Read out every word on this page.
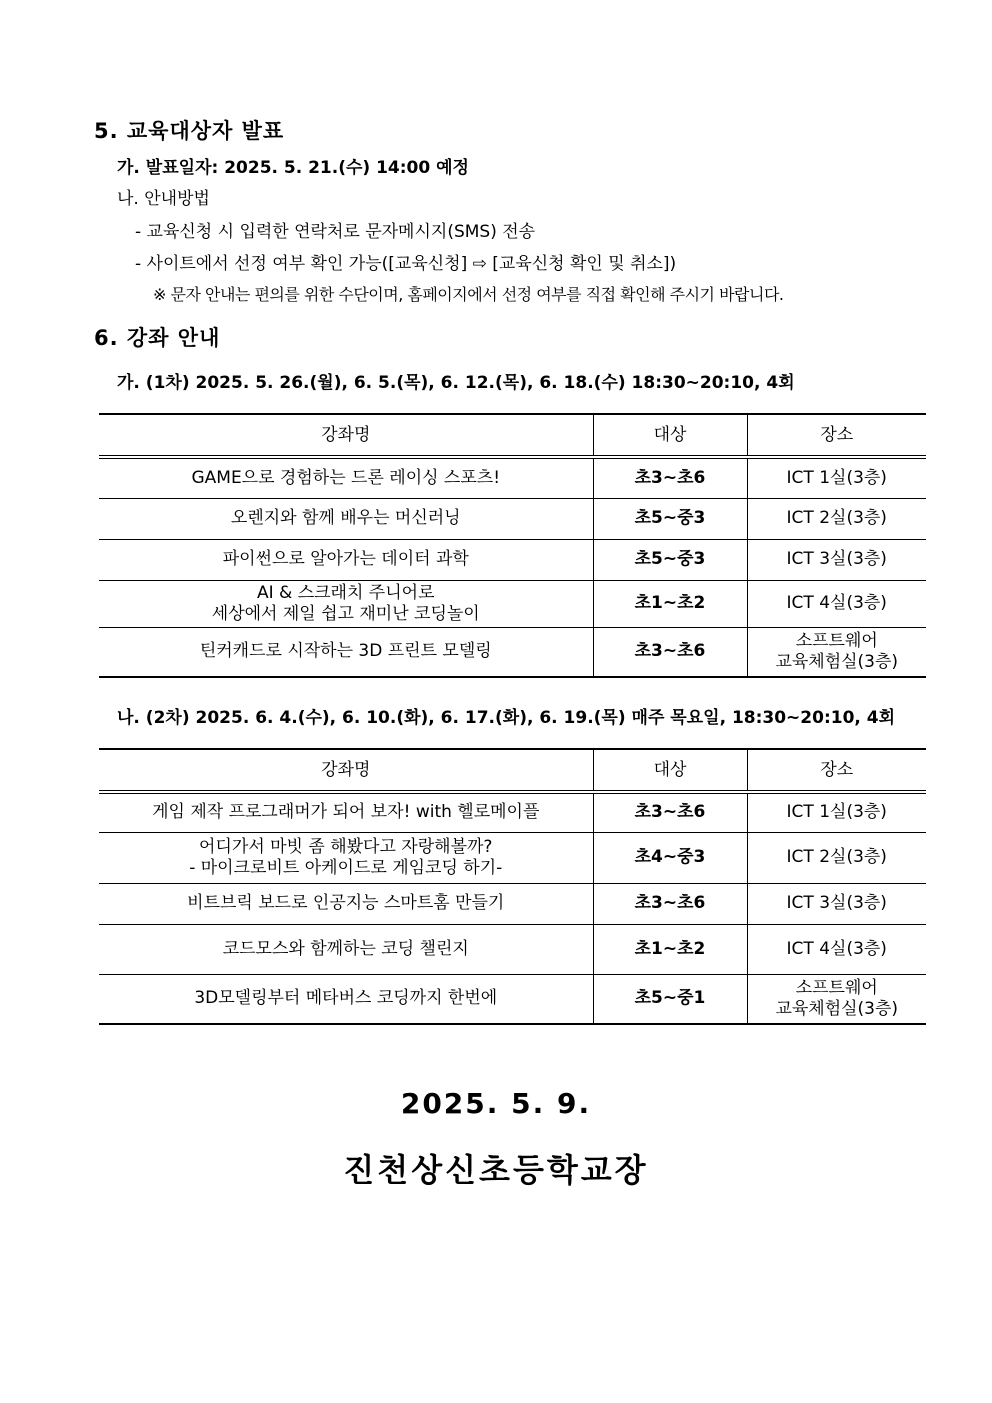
5. 교육대상자 발표
가. 발표일자: 2025. 5. 21.(수) 14:00 예정
나. 안내방법
- 교육신청 시 입력한 연락처로 문자메시지(SMS) 전송
- 사이트에서 선정 여부 확인 가능([교육신청] ⇨ [교육신청 확인 및 취소])
※ 문자 안내는 편의를 위한 수단이며, 홈페이지에서 선정 여부를 직접 확인해 주시기 바랍니다.
6. 강좌 안내
가. (1차) 2025. 5. 26.(월), 6. 5.(목), 6. 12.(목), 6. 18.(수) 18:30~20:10, 4회
강좌명	대상	장소

GAME으로 경험하는 드론 레이싱 스포츠!	초3~초6	ICT 1실(3층)

오렌지와 함께 배우는 머신러닝	초5~중3	ICT 2실(3층)

파이썬으로 알아가는 데이터 과학	초5~중3	ICT 3실(3층)

AI & 스크래치 주니어로
세상에서 제일 쉽고 재미난 코딩놀이	초1~초2	ICT 4실(3층)

틴커캐드로 시작하는 3D 프린트 모델링	초3~초6	소프트웨어
교육체험실(3층)
나. (2차) 2025. 6. 4.(수), 6. 10.(화), 6. 17.(화), 6. 19.(목) 매주 목요일, 18:30~20:10, 4회
강좌명	대상	장소

게임 제작 프로그래머가 되어 보자! with 헬로메이플	초3~초6	ICT 1실(3층)

어디가서 마빗 좀 해봤다고 자랑해볼까?
- 마이크로비트 아케이드로 게임코딩 하기-	초4~중3	ICT 2실(3층)

비트브릭 보드로 인공지능 스마트홈 만들기	초3~초6	ICT 3실(3층)

코드모스와 함께하는 코딩 챌린지	초1~초2	ICT 4실(3층)

3D모델링부터 메타버스 코딩까지 한번에	초5~중1	소프트웨어
교육체험실(3층)
2025. 5. 9.
진천상신초등학교장
